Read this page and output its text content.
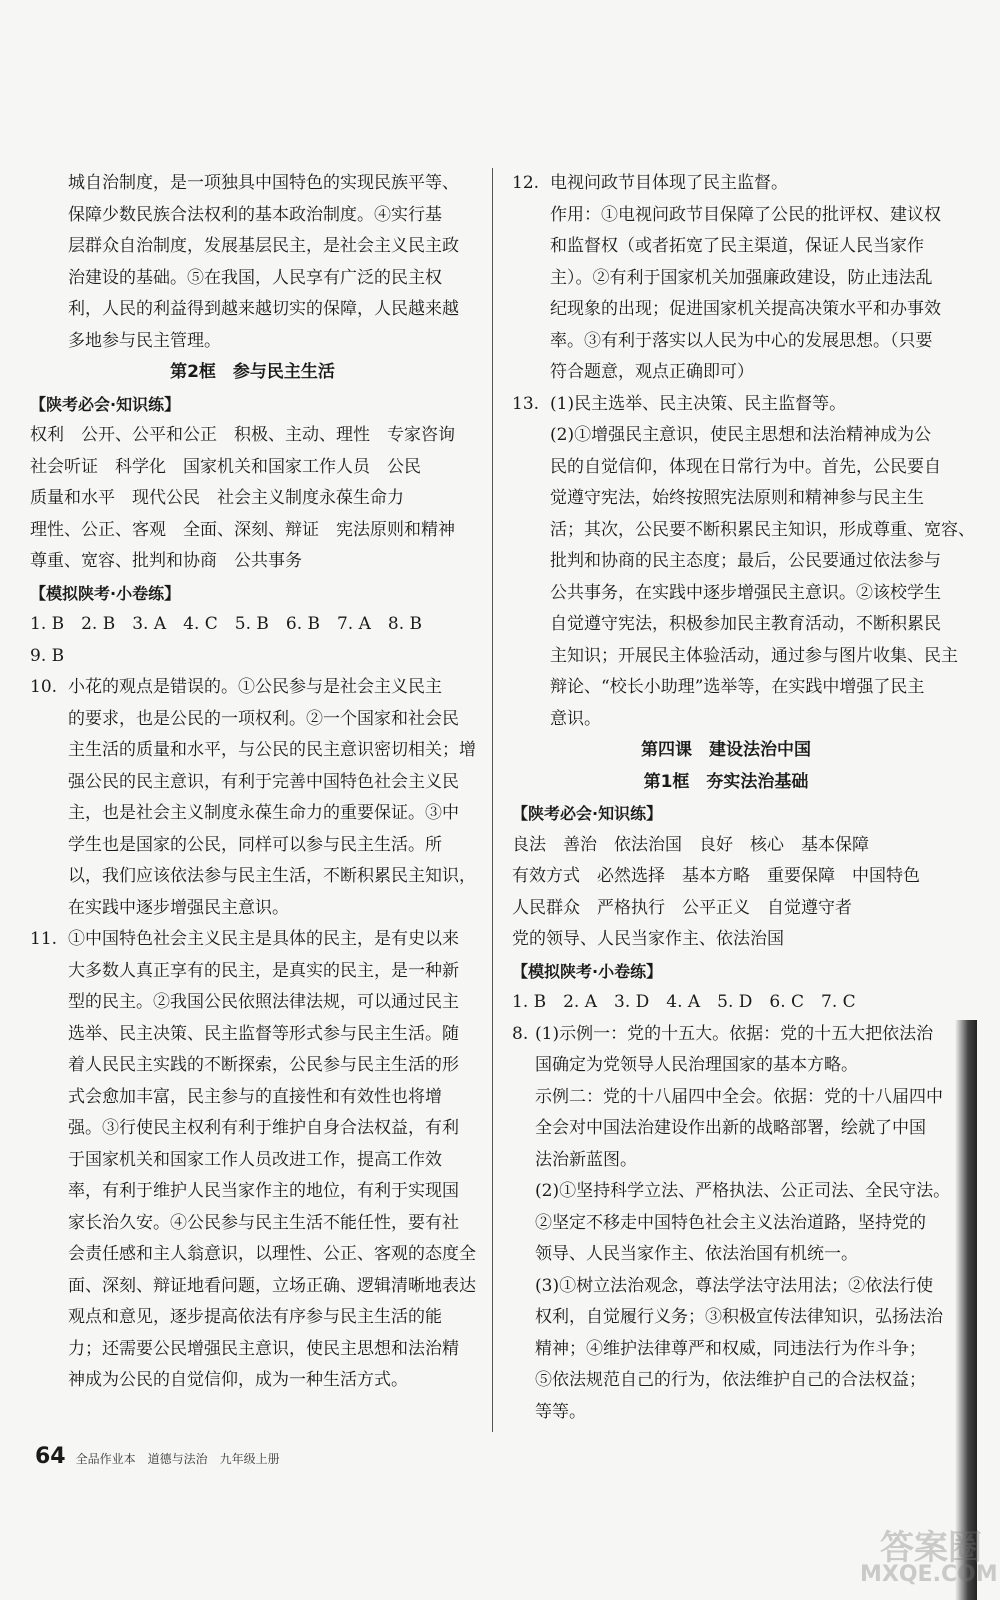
城自治制度，是一项独具中国特色的实现民族平等、
保障少数民族合法权利的基本政治制度。④实行基
层群众自治制度，发展基层民主，是社会主义民主政
治建设的基础。⑤在我国，人民享有广泛的民主权
利，人民的利益得到越来越切实的保障，人民越来越
多地参与民主管理。
第2框　参与民主生活
【陕考必会·知识练】
权利　公开、公平和公正　积极、主动、理性　专家咨询
社会听证　科学化　国家机关和国家工作人员　公民
质量和水平　现代公民　社会主义制度永葆生命力
理性、公正、客观　全面、深刻、辩证　宪法原则和精神
尊重、宽容、批判和协商　公共事务
【模拟陕考·小卷练】
1. B　2. B　3. A　4. C　5. B　6. B　7. A　8. B
9. B
10. 小花的观点是错误的。①公民参与是社会主义民主
的要求，也是公民的一项权利。②一个国家和社会民
主生活的质量和水平，与公民的民主意识密切相关；增
强公民的民主意识，有利于完善中国特色社会主义民
主，也是社会主义制度永葆生命力的重要保证。③中
学生也是国家的公民，同样可以参与民主生活。所
以，我们应该依法参与民主生活，不断积累民主知识，
在实践中逐步增强民主意识。
11. ①中国特色社会主义民主是具体的民主，是有史以来
大多数人真正享有的民主，是真实的民主，是一种新
型的民主。②我国公民依照法律法规，可以通过民主
选举、民主决策、民主监督等形式参与民主生活。随
着人民民主实践的不断探索，公民参与民主生活的形
式会愈加丰富，民主参与的直接性和有效性也将增
强。③行使民主权利有利于维护自身合法权益，有利
于国家机关和国家工作人员改进工作，提高工作效
率，有利于维护人民当家作主的地位，有利于实现国
家长治久安。④公民参与民主生活不能任性，要有社
会责任感和主人翁意识，以理性、公正、客观的态度全
面、深刻、辩证地看问题，立场正确、逻辑清晰地表达
观点和意见，逐步提高依法有序参与民主生活的能
力；还需要公民增强民主意识，使民主思想和法治精
神成为公民的自觉信仰，成为一种生活方式。
12. 电视问政节目体现了民主监督。
作用：①电视问政节目保障了公民的批评权、建议权
和监督权（或者拓宽了民主渠道，保证人民当家作
主）。②有利于国家机关加强廉政建设，防止违法乱
纪现象的出现；促进国家机关提高决策水平和办事效
率。③有利于落实以人民为中心的发展思想。（只要
符合题意，观点正确即可）
13. (1)民主选举、民主决策、民主监督等。
(2)①增强民主意识，使民主思想和法治精神成为公
民的自觉信仰，体现在日常行为中。首先，公民要自
觉遵守宪法，始终按照宪法原则和精神参与民主生
活；其次，公民要不断积累民主知识，形成尊重、宽容、
批判和协商的民主态度；最后，公民要通过依法参与
公共事务，在实践中逐步增强民主意识。②该校学生
自觉遵守宪法，积极参加民主教育活动，不断积累民
主知识；开展民主体验活动，通过参与图片收集、民主
辩论、“校长小助理”选举等，在实践中增强了民主
意识。
第四课　建设法治中国
第1框　夯实法治基础
【陕考必会·知识练】
良法　善治　依法治国　良好　核心　基本保障
有效方式　必然选择　基本方略　重要保障　中国特色
人民群众　严格执行　公平正义　自觉遵守者
党的领导、人民当家作主、依法治国
【模拟陕考·小卷练】
1. B　2. A　3. D　4. A　5. D　6. C　7. C
8. (1)示例一：党的十五大。依据：党的十五大把依法治
国确定为党领导人民治理国家的基本方略。
示例二：党的十八届四中全会。依据：党的十八届四中
全会对中国法治建设作出新的战略部署，绘就了中国
法治新蓝图。
(2)①坚持科学立法、严格执法、公正司法、全民守法。
②坚定不移走中国特色社会主义法治道路，坚持党的
领导、人民当家作主、依法治国有机统一。
(3)①树立法治观念，尊法学法守法用法；②依法行使
权利，自觉履行义务；③积极宣传法律知识，弘扬法治
精神；④维护法律尊严和权威，同违法行为作斗争；
⑤依法规范自己的行为，依法维护自己的合法权益；
等等。
64 全品作业本　道德与法治　九年级上册
答案圈
MXQE.COM
